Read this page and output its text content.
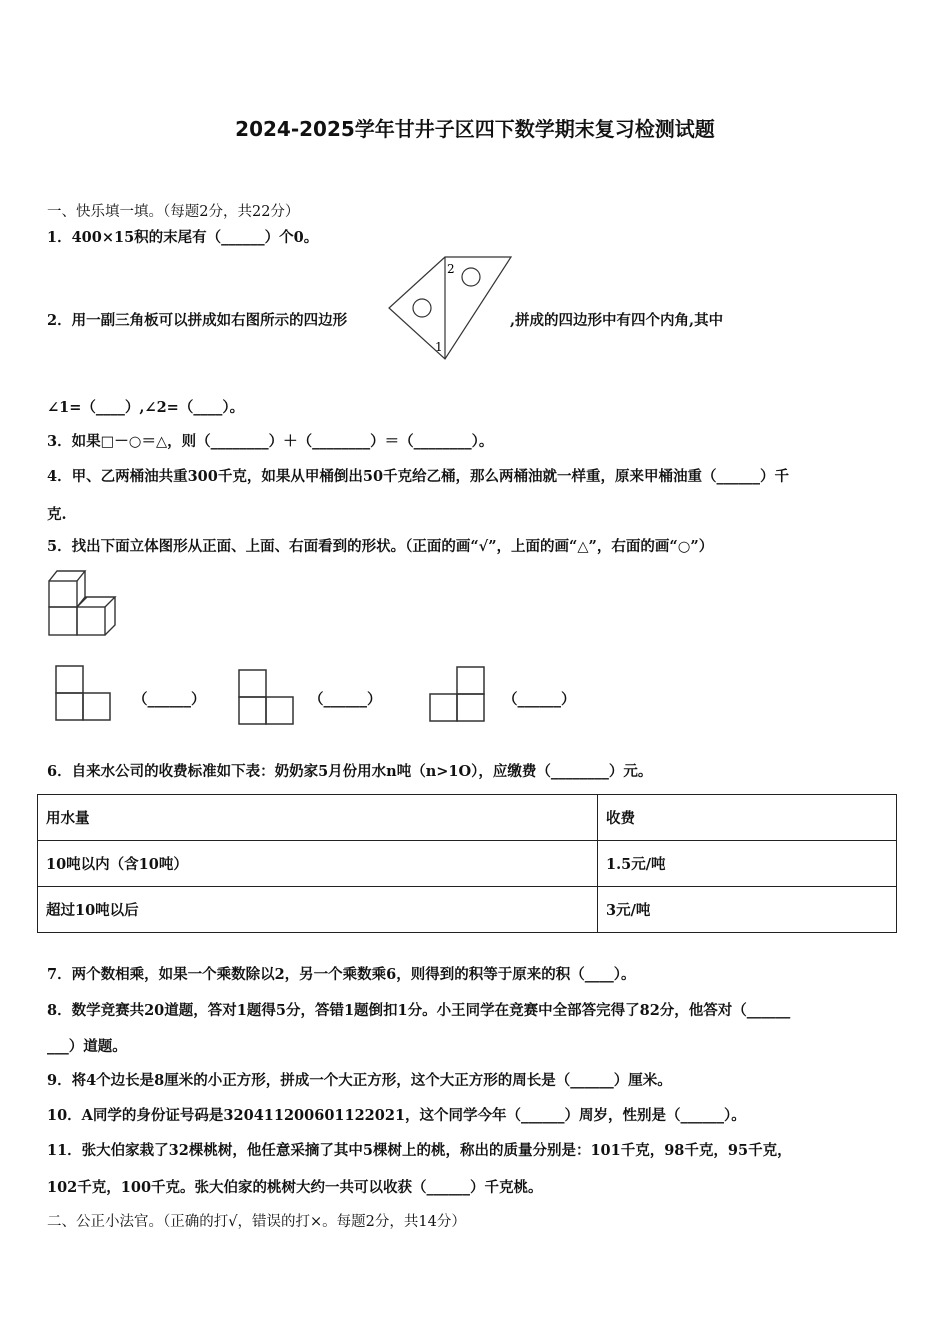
2024-2025学年甘井子区四下数学期末复习检测试题
一、快乐填一填。（每题2分，共22分）
1．400×15积的末尾有（______）个0。
2．用一副三角板可以拼成如右图所示的四边形	,拼成的四边形中有四个内角,其中
2
1
∠1=（____）,∠2=（____）。
3．如果□－○＝△，则（________）＋（________）＝（________）。
4．甲、乙两桶油共重300千克，如果从甲桶倒出50千克给乙桶，那么两桶油就一样重，原来甲桶油重（______）千
克.
5．找出下面立体图形从正面、上面、右面看到的形状。（正面的画“√”，上面的画“△”，右面的画“○”）
（______）	（______）	（______）
6．自来水公司的收费标准如下表：奶奶家5月份用水n吨（n>1O），应缴费（________）元。
用水量	收费
10吨以内（含10吨）	1.5元/吨
超过10吨以后	3元/吨
7．两个数相乘，如果一个乘数除以2，另一个乘数乘6，则得到的积等于原来的积（____）。
8．数学竞赛共20道题，答对1题得5分，答错1题倒扣1分。小王同学在竞赛中全部答完得了82分，他答对（______
___）道题。
9．将4个边长是8厘米的小正方形，拼成一个大正方形，这个大正方形的周长是（______）厘米。
10．A同学的身份证号码是320411200601122021，这个同学今年（______）周岁，性别是（______）。
11．张大伯家栽了32棵桃树，他任意采摘了其中5棵树上的桃，称出的质量分别是：101千克，98千克，95千克，
102千克，100千克。张大伯家的桃树大约一共可以收获（______）千克桃。
二、公正小法官。（正确的打√，错误的打×。每题2分，共14分）
